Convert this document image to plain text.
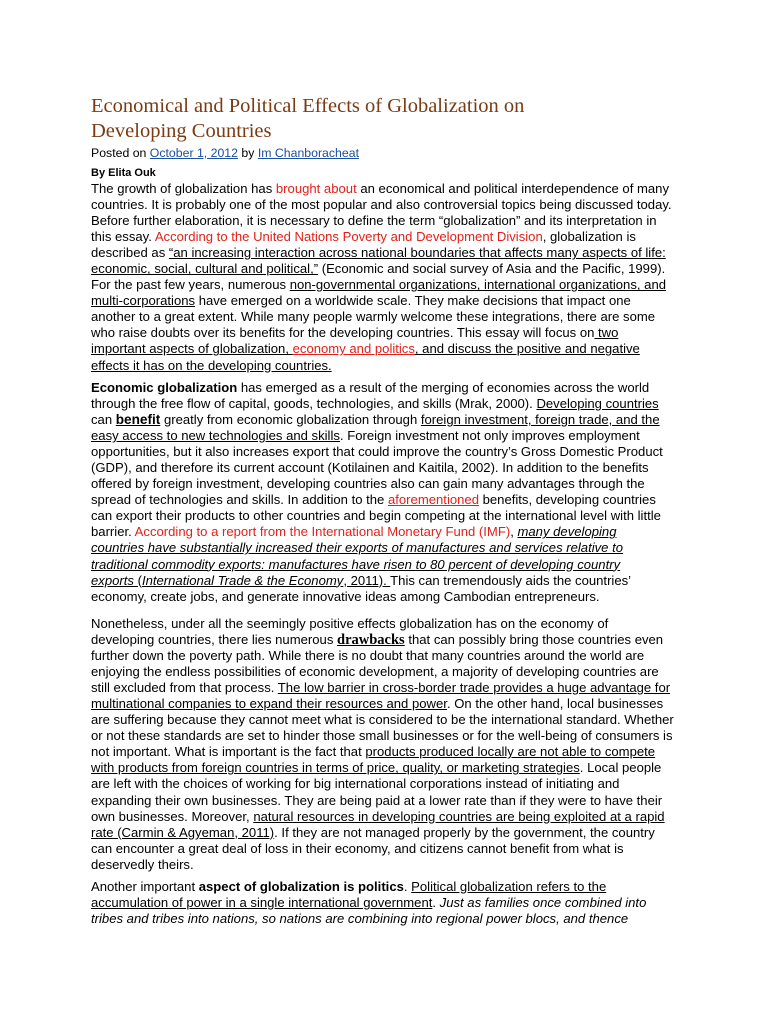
Economical and Political Effects of Globalization on
Developing Countries
Posted on October 1, 2012 by Im Chanboracheat
By Elita Ouk
The growth of globalization has brought about an economical and political interdependence of many
countries. It is probably one of the most popular and also controversial topics being discussed today.
Before further elaboration, it is necessary to define the term “globalization” and its interpretation in
this essay. According to the United Nations Poverty and Development Division, globalization is
described as “an increasing interaction across national boundaries that affects many aspects of life:
economic, social, cultural and political,” (Economic and social survey of Asia and the Pacific, 1999).
For the past few years, numerous non-governmental organizations, international organizations, and
multi-corporations have emerged on a worldwide scale. They make decisions that impact one
another to a great extent. While many people warmly welcome these integrations, there are some
who raise doubts over its benefits for the developing countries. This essay will focus on two
important aspects of globalization, economy and politics, and discuss the positive and negative
effects it has on the developing countries.
Economic globalization has emerged as a result of the merging of economies across the world
through the free flow of capital, goods, technologies, and skills (Mrak, 2000). Developing countries
can benefit greatly from economic globalization through foreign investment, foreign trade, and the
easy access to new technologies and skills. Foreign investment not only improves employment
opportunities, but it also increases export that could improve the country’s Gross Domestic Product
(GDP), and therefore its current account (Kotilainen and Kaitila, 2002). In addition to the benefits
offered by foreign investment, developing countries also can gain many advantages through the
spread of technologies and skills. In addition to the aforementioned benefits, developing countries
can export their products to other countries and begin competing at the international level with little
barrier. According to a report from the International Monetary Fund (IMF), many developing
countries have substantially increased their exports of manufactures and services relative to
traditional commodity exports: manufactures have risen to 80 percent of developing country
exports (International Trade & the Economy, 2011). This can tremendously aids the countries’
economy, create jobs, and generate innovative ideas among Cambodian entrepreneurs.
Nonetheless, under all the seemingly positive effects globalization has on the economy of
developing countries, there lies numerous drawbacks that can possibly bring those countries even
further down the poverty path. While there is no doubt that many countries around the world are
enjoying the endless possibilities of economic development, a majority of developing countries are
still excluded from that process. The low barrier in cross-border trade provides a huge advantage for
multinational companies to expand their resources and power. On the other hand, local businesses
are suffering because they cannot meet what is considered to be the international standard. Whether
or not these standards are set to hinder those small businesses or for the well-being of consumers is
not important. What is important is the fact that products produced locally are not able to compete
with products from foreign countries in terms of price, quality, or marketing strategies. Local people
are left with the choices of working for big international corporations instead of initiating and
expanding their own businesses. They are being paid at a lower rate than if they were to have their
own businesses. Moreover, natural resources in developing countries are being exploited at a rapid
rate (Carmin & Agyeman, 2011). If they are not managed properly by the government, the country
can encounter a great deal of loss in their economy, and citizens cannot benefit from what is
deservedly theirs.
Another important aspect of globalization is politics. Political globalization refers to the
accumulation of power in a single international government. Just as families once combined into
tribes and tribes into nations, so nations are combining into regional power blocs, and thence
